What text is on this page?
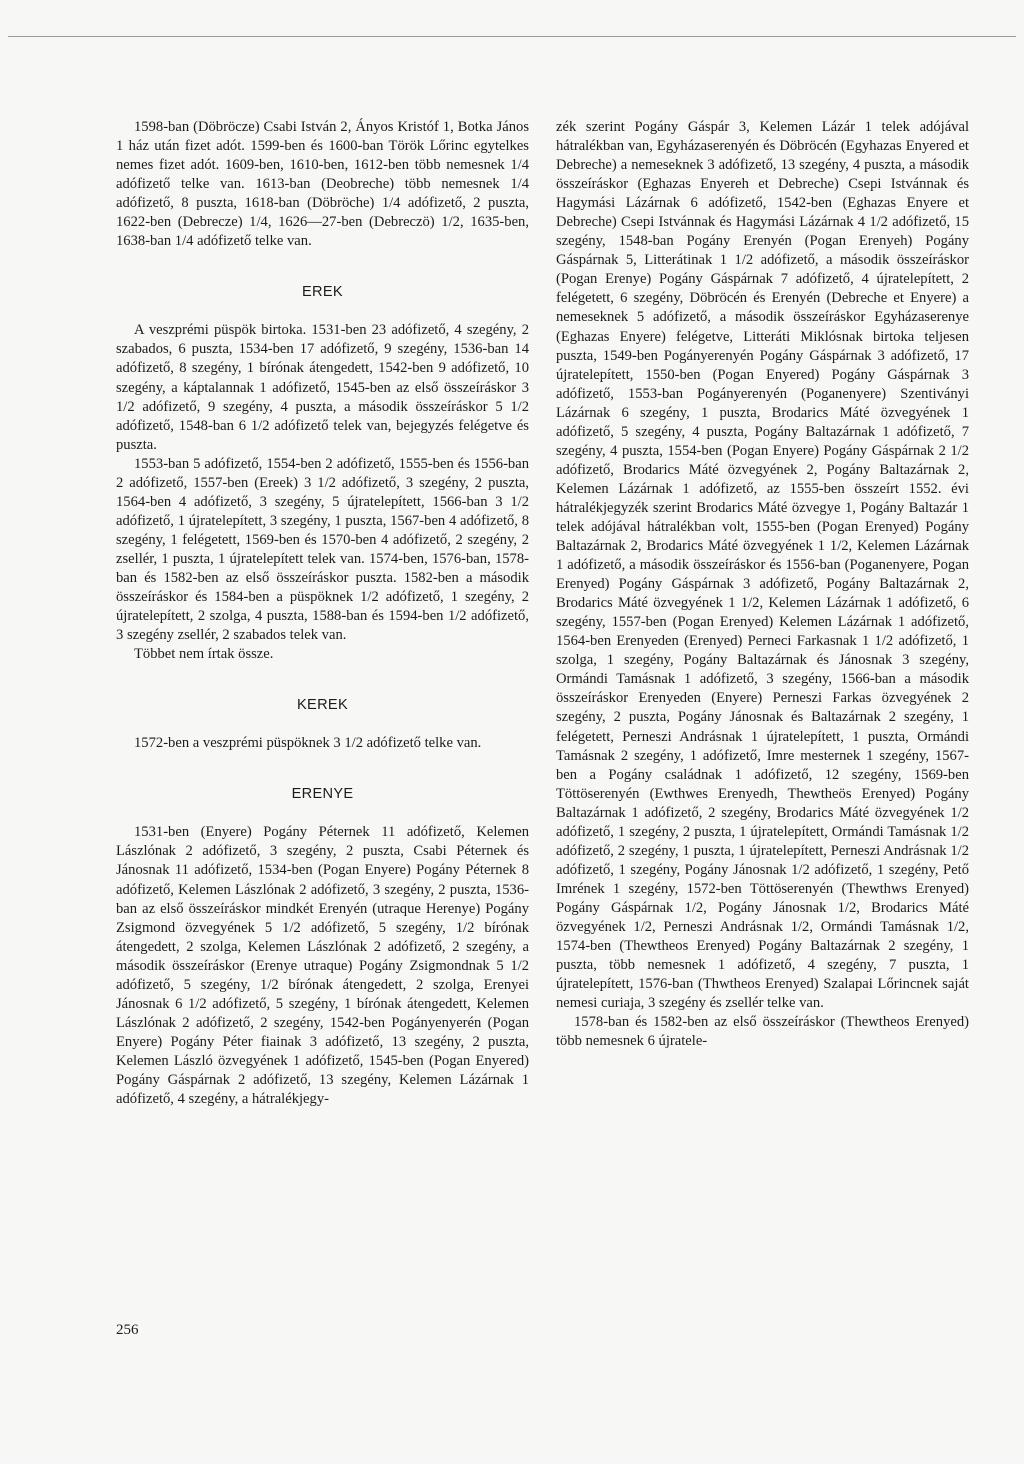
1598-ban (Döbröcze) Csabi István 2, Ányos Kristóf 1, Botka János 1 ház után fizet adót. 1599-ben és 1600-ban Török Lőrinc egytelkes nemes fizet adót. 1609-ben, 1610-ben, 1612-ben több nemesnek 1/4 adófizető telke van. 1613-ban (Deobreche) több nemesnek 1/4 adófizető, 8 puszta, 1618-ban (Döbröche) 1/4 adófizető, 2 puszta, 1622-ben (Debrecze) 1/4, 1626—27-ben (Debreczö) 1/2, 1635-ben, 1638-ban 1/4 adófizető telke van.

EREK

A veszprémi püspök birtoka. 1531-ben 23 adófizető, 4 szegény, 2 szabados, 6 puszta, 1534-ben 17 adófizető, 9 szegény, 1536-ban 14 adófizető, 8 szegény, 1 bírónak átengedett, 1542-ben 9 adófizető, 10 szegény, a káptalannak 1 adófizető, 1545-ben az első összeíráskor 3 1/2 adófizető, 9 szegény, 4 puszta, a második összeíráskor 5 1/2 adófizető, 1548-ban 6 1/2 adófizető telek van, bejegyzés felégetve és puszta.

1553-ban 5 adófizető, 1554-ben 2 adófizető, 1555-ben és 1556-ban 2 adófizető, 1557-ben (Ereek) 3 1/2 adófizető, 3 szegény, 2 puszta, 1564-ben 4 adófizető, 3 szegény, 5 újratelepített, 1566-ban 3 1/2 adófizető, 1 újratelepített, 3 szegény, 1 puszta, 1567-ben 4 adófizető, 8 szegény, 1 felégetett, 1569-ben és 1570-ben 4 adófizető, 2 szegény, 2 zsellér, 1 puszta, 1 újratelepített telek van. 1574-ben, 1576-ban, 1578-ban és 1582-ben az első összeíráskor puszta. 1582-ben a második összeíráskor és 1584-ben a püspöknek 1/2 adófizető, 1 szegény, 2 újratelepített, 2 szolga, 4 puszta, 1588-ban és 1594-ben 1/2 adófizető, 3 szegény zsellér, 2 szabados telek van.

Többet nem írtak össze.

KEREK

1572-ben a veszprémi püspöknek 3 1/2 adófizető telke van.

ERENYE

1531-ben (Enyere) Pogány Péternek 11 adófizető, Kelemen Lászlónak 2 adófizető, 3 szegény, 2 puszta, Csabi Péternek és Jánosnak 11 adófizető, 1534-ben (Pogan Enyere) Pogány Péternek 8 adófizető, Kelemen Lászlónak 2 adófizető, 3 szegény, 2 puszta, 1536-ban az első összeíráskor mindkét Erenyén (utraque Herenye) Pogány Zsigmond özvegyének 5 1/2 adófizető, 5 szegény, 1/2 bírónak átengedett, 2 szolga, Kelemen Lászlónak 2 adófizető, 2 szegény, a második összeíráskor (Erenye utraque) Pogány Zsigmondnak 5 1/2 adófizető, 5 szegény, 1/2 bírónak átengedett, 2 szolga, Erenyei Jánosnak 6 1/2 adófizető, 5 szegény, 1 bírónak átengedett, Kelemen Lászlónak 2 adófizető, 2 szegény, 1542-ben Pogányenyerén (Pogan Enyere) Pogány Péter fiainak 3 adófizető, 13 szegény, 2 puszta, Kelemen László özvegyének 1 adófizető, 1545-ben (Pogan Enyered) Pogány Gáspárnak 2 adófizető, 13 szegény, Kelemen Lázárnak 1 adófizető, 4 szegény, a hátralékjegy-

zék szerint Pogány Gáspár 3, Kelemen Lázár 1 telek adójával hátralékban van, Egyházaserenyén és Döbröcén (Egyhazas Enyered et Debreche) a nemeseknek 3 adófizető, 13 szegény, 4 puszta, a második összeíráskor (Eghazas Enyereh et Debreche) Csepi Istvánnak és Hagymási Lázárnak 6 adófizető, 1542-ben (Eghazas Enyere et Debreche) Csepi Istvánnak és Hagymási Lázárnak 4 1/2 adófizető, 15 szegény, 1548-ban Pogány Erenyén (Pogan Erenyeh) Pogány Gáspárnak 5, Litterátinak 1 1/2 adófizető, a második összeíráskor (Pogan Erenye) Pogány Gáspárnak 7 adófizető, 4 újratelepített, 2 felégetett, 6 szegény, Döbröcén és Erenyén (Debreche et Enyere) a nemeseknek 5 adófizető, a második összeíráskor Egyházaserenye (Eghazas Enyere) felégetve, Litteráti Miklósnak birtoka teljesen puszta, 1549-ben Pogányerenyén Pogány Gáspárnak 3 adófizető, 17 újratelepített, 1550-ben (Pogan Enyered) Pogány Gáspárnak 3 adófizető, 1553-ban Pogányerenyén (Poganenyere) Szentiványi Lázárnak 6 szegény, 1 puszta, Brodarics Máté özvegyének 1 adófizető, 5 szegény, 4 puszta, Pogány Baltazárnak 1 adófizető, 7 szegény, 4 puszta, 1554-ben (Pogan Enyere) Pogány Gáspárnak 2 1/2 adófizető, Brodarics Máté özvegyének 2, Pogány Baltazárnak 2, Kelemen Lázárnak 1 adófizető, az 1555-ben összeírt 1552. évi hátralékjegyzék szerint Brodarics Máté özvegye 1, Pogány Baltazár 1 telek adójával hátralékban volt, 1555-ben (Pogan Erenyed) Pogány Baltazárnak 2, Brodarics Máté özvegyének 1 1/2, Kelemen Lázárnak 1 adófizető, a második összeíráskor és 1556-ban (Poganenyere, Pogan Erenyed) Pogány Gáspárnak 3 adófizető, Pogány Baltazárnak 2, Brodarics Máté özvegyének 1 1/2, Kelemen Lázárnak 1 adófizető, 6 szegény, 1557-ben (Pogan Erenyed) Kelemen Lázárnak 1 adófizető, 1564-ben Erenyeden (Erenyed) Perneci Farkasnak 1 1/2 adófizető, 1 szolga, 1 szegény, Pogány Baltazárnak és Jánosnak 3 szegény, Ormándi Tamásnak 1 adófizető, 3 szegény, 1566-ban a második összeíráskor Erenyeden (Enyere) Perneszi Farkas özvegyének 2 szegény, 2 puszta, Pogány Jánosnak és Baltazárnak 2 szegény, 1 felégetett, Perneszi Andrásnak 1 újratelepített, 1 puszta, Ormándi Tamásnak 2 szegény, 1 adófizető, Imre mesternek 1 szegény, 1567-ben a Pogány családnak 1 adófizető, 12 szegény, 1569-ben Töttöserenyén (Ewthwes Erenyedh, Thewtheös Erenyed) Pogány Baltazárnak 1 adófizető, 2 szegény, Brodarics Máté özvegyének 1/2 adófizető, 1 szegény, 2 puszta, 1 újratelepített, Ormándi Tamásnak 1/2 adófizető, 2 szegény, 1 puszta, 1 újratelepített, Perneszi Andrásnak 1/2 adófizető, 1 szegény, Pogány Jánosnak 1/2 adófizető, 1 szegény, Pető Imrének 1 szegény, 1572-ben Töttöserenyén (Thewthws Erenyed) Pogány Gáspárnak 1/2, Pogány Jánosnak 1/2, Brodarics Máté özvegyének 1/2, Perneszi Andrásnak 1/2, Ormándi Tamásnak 1/2, 1574-ben (Thewtheos Erenyed) Pogány Baltazárnak 2 szegény, 1 puszta, több nemesnek 1 adófizető, 4 szegény, 7 puszta, 1 újratelepített, 1576-ban (Thwtheos Erenyed) Szalapai Lőrincnek saját nemesi curiaja, 3 szegény és zsellér telke van.

1578-ban és 1582-ben az első összeíráskor (Thewtheos Erenyed) több nemesnek 6 újratele-

256
